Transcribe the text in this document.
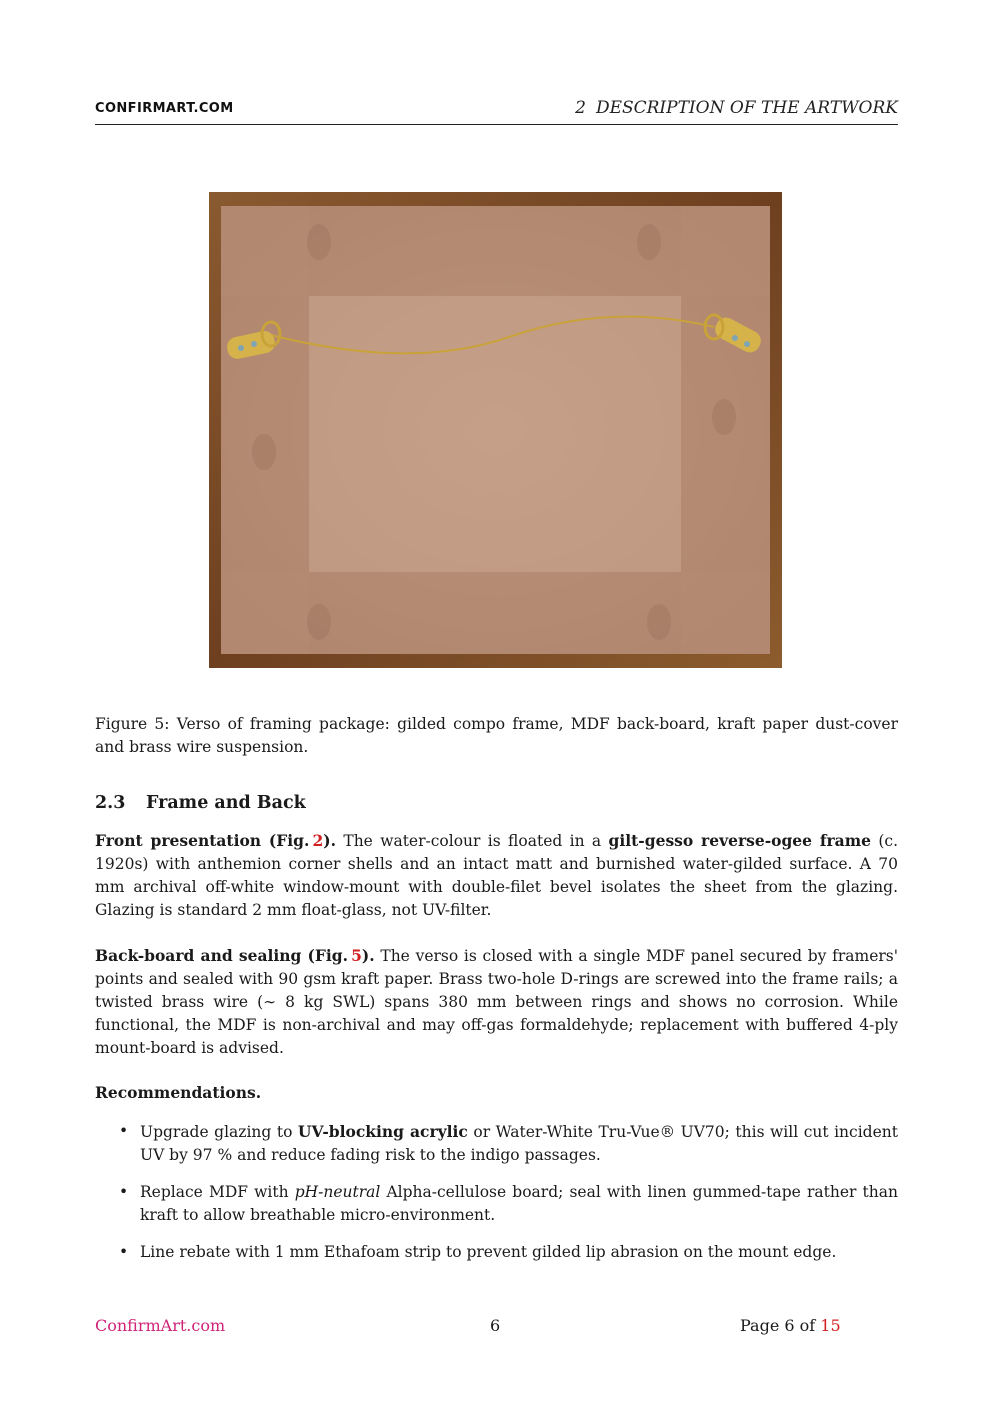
CONFIRMART.COM	2 DESCRIPTION OF THE ARTWORK
Figure 5: Verso of framing package: gilded compo frame, MDF back-board, kraft paper dust-cover and brass wire suspension.
2.3 Frame and Back

Front presentation (Fig.  2). The water-colour is floated in a gilt-gesso reverse-ogee frame (c. 1920s) with anthemion corner shells and an intact matt and burnished water-gilded surface. A 70 mm archival off-white window-mount with double-filet bevel isolates the sheet from the glazing. Glazing is standard 2 mm float-glass, not UV-filter.

Back-board and sealing (Fig.  5). The verso is closed with a single MDF panel secured by framers' points and sealed with 90 gsm kraft paper. Brass two-hole D-rings are screwed into the frame rails; a twisted brass wire (∼ 8 kg SWL) spans 380 mm between rings and shows no corrosion. While functional, the MDF is non-archival and may off-gas formaldehyde; replacement with buffered 4-ply mount-board is advised.

Recommendations.
• Upgrade glazing to UV-blocking acrylic or Water-White Tru-Vue® UV70; this will cut incident UV by 97 % and reduce fading risk to the indigo passages.
• Replace MDF with pH-neutral Alpha-cellulose board; seal with linen gummed-tape rather than kraft to allow breathable micro-environment.
• Line rebate with 1 mm Ethafoam strip to prevent gilded lip abrasion on the mount edge.
ConfirmArt.com	6	Page 6 of 15
